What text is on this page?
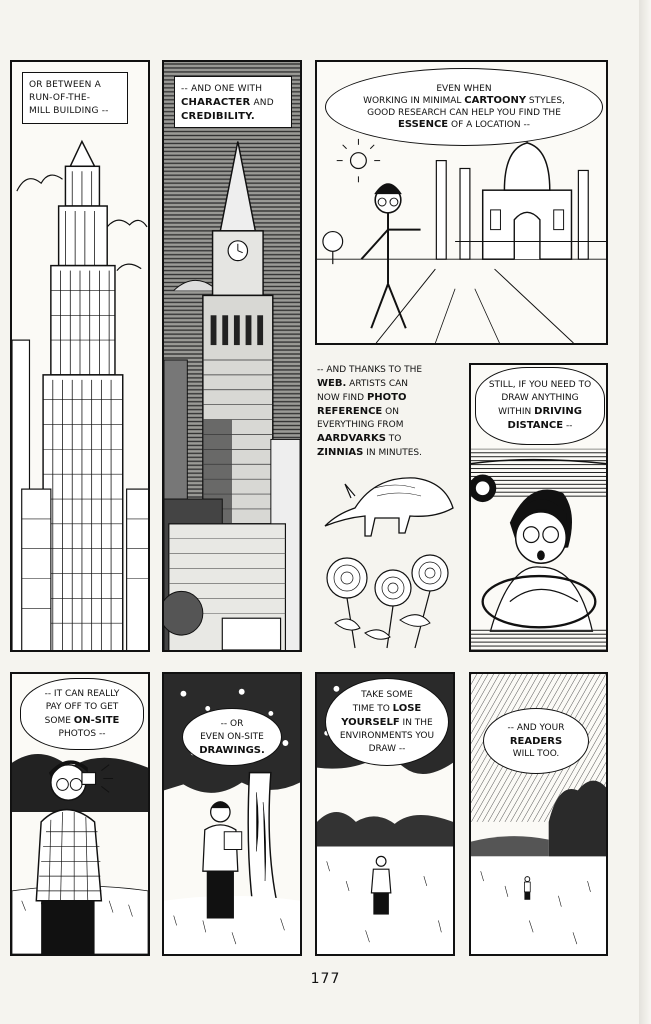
OR BETWEEN A
RUN-OF-THE-
MILL BUILDING --
-- AND ONE WITH
CHARACTER AND
CREDIBILITY.
EVEN WHEN
WORKING IN MINIMAL CARTOONY STYLES,
GOOD RESEARCH CAN HELP YOU FIND THE
ESSENCE OF A LOCATION --
-- AND THANKS TO THE
WEB. ARTISTS CAN
NOW FIND PHOTO
REFERENCE ON
EVERYTHING FROM
AARDVARKS TO
ZINNIAS IN MINUTES.
STILL, IF YOU NEED TO
DRAW ANYTHING
WITHIN DRIVING
DISTANCE --
-- IT CAN REALLY
PAY OFF TO GET
SOME ON-SITE
PHOTOS --
-- OR
EVEN ON-SITE
DRAWINGS.
TAKE SOME
TIME TO LOSE
YOURSELF IN THE
ENVIRONMENTS YOU
DRAW --
-- AND YOUR
READERS
WILL TOO.
177
